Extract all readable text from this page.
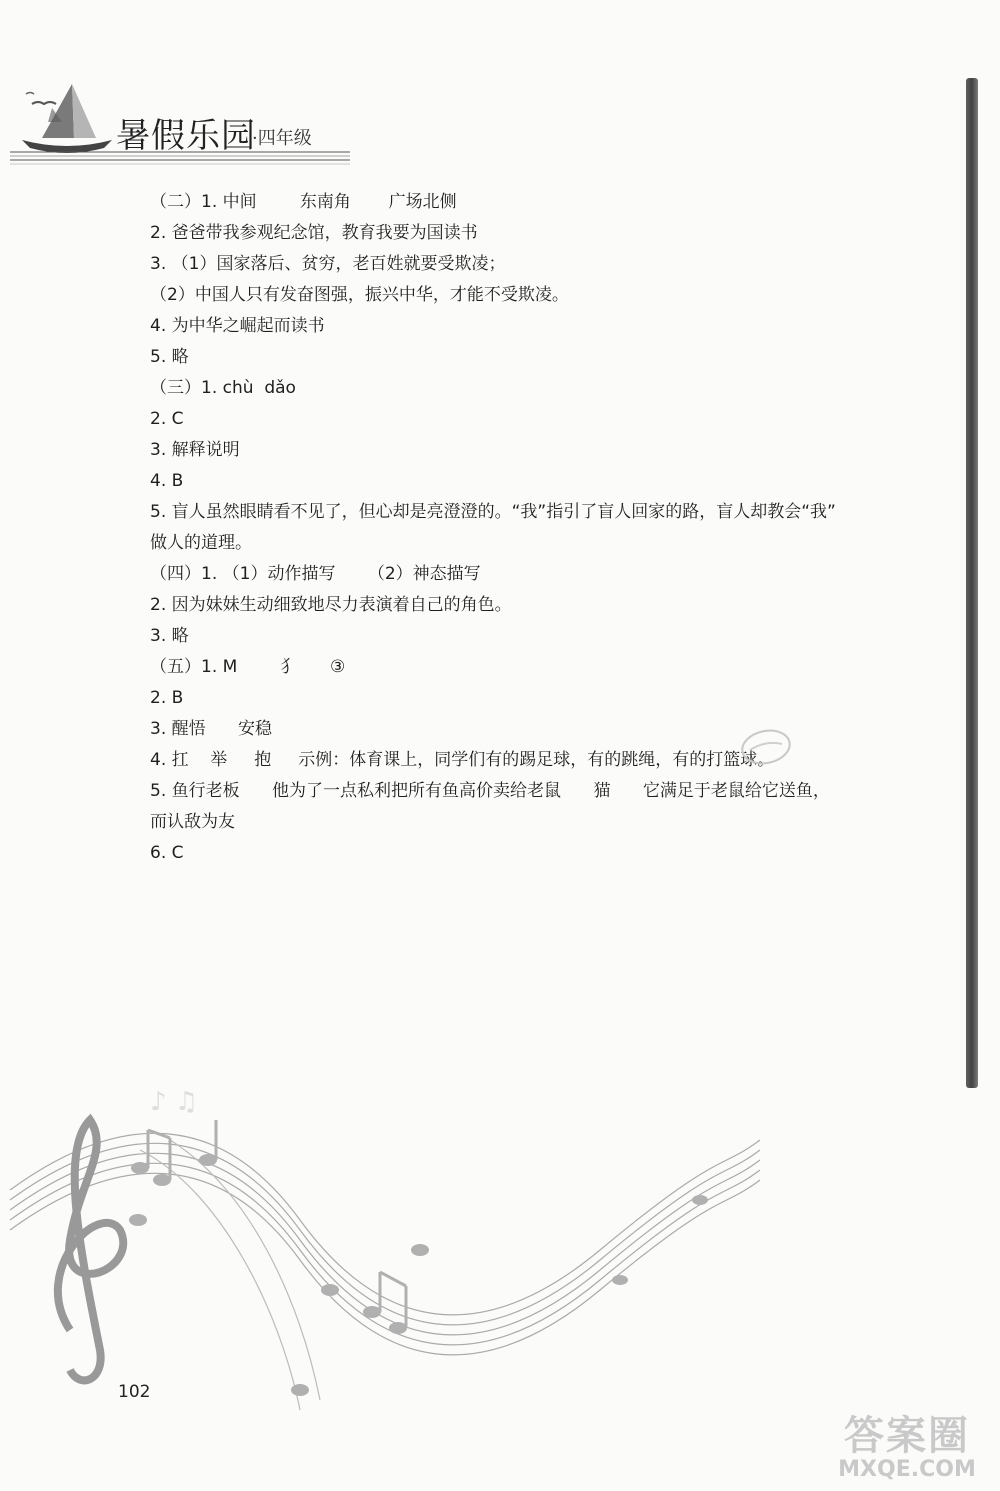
暑假乐园
·四年级
（二）1. 中间        东南角       广场北侧
2. 爸爸带我参观纪念馆，教育我要为国读书
3. （1）国家落后、贫穷，老百姓就要受欺凌；
（2）中国人只有发奋图强，振兴中华，才能不受欺凌。
4. 为中华之崛起而读书
5. 略
（三）1. chù  dǎo
2. C
3. 解释说明
4. B
5. 盲人虽然眼睛看不见了，但心却是亮澄澄的。“我”指引了盲人回家的路，盲人却教会“我”
做人的道理。
（四）1. （1）动作描写      （2）神态描写
2. 因为妹妹生动细致地尽力表演着自己的角色。
3. 略
（五）1. M        犭      ③
2. B
3. 醒悟      安稳
4. 扛    举     抱     示例：体育课上，同学们有的踢足球，有的跳绳，有的打篮球。
5. 鱼行老板      他为了一点私利把所有鱼高价卖给老鼠      猫      它满足于老鼠给它送鱼，
而认敌为友
6. C
♪ ♫
102
答案圈
MXQE.COM
